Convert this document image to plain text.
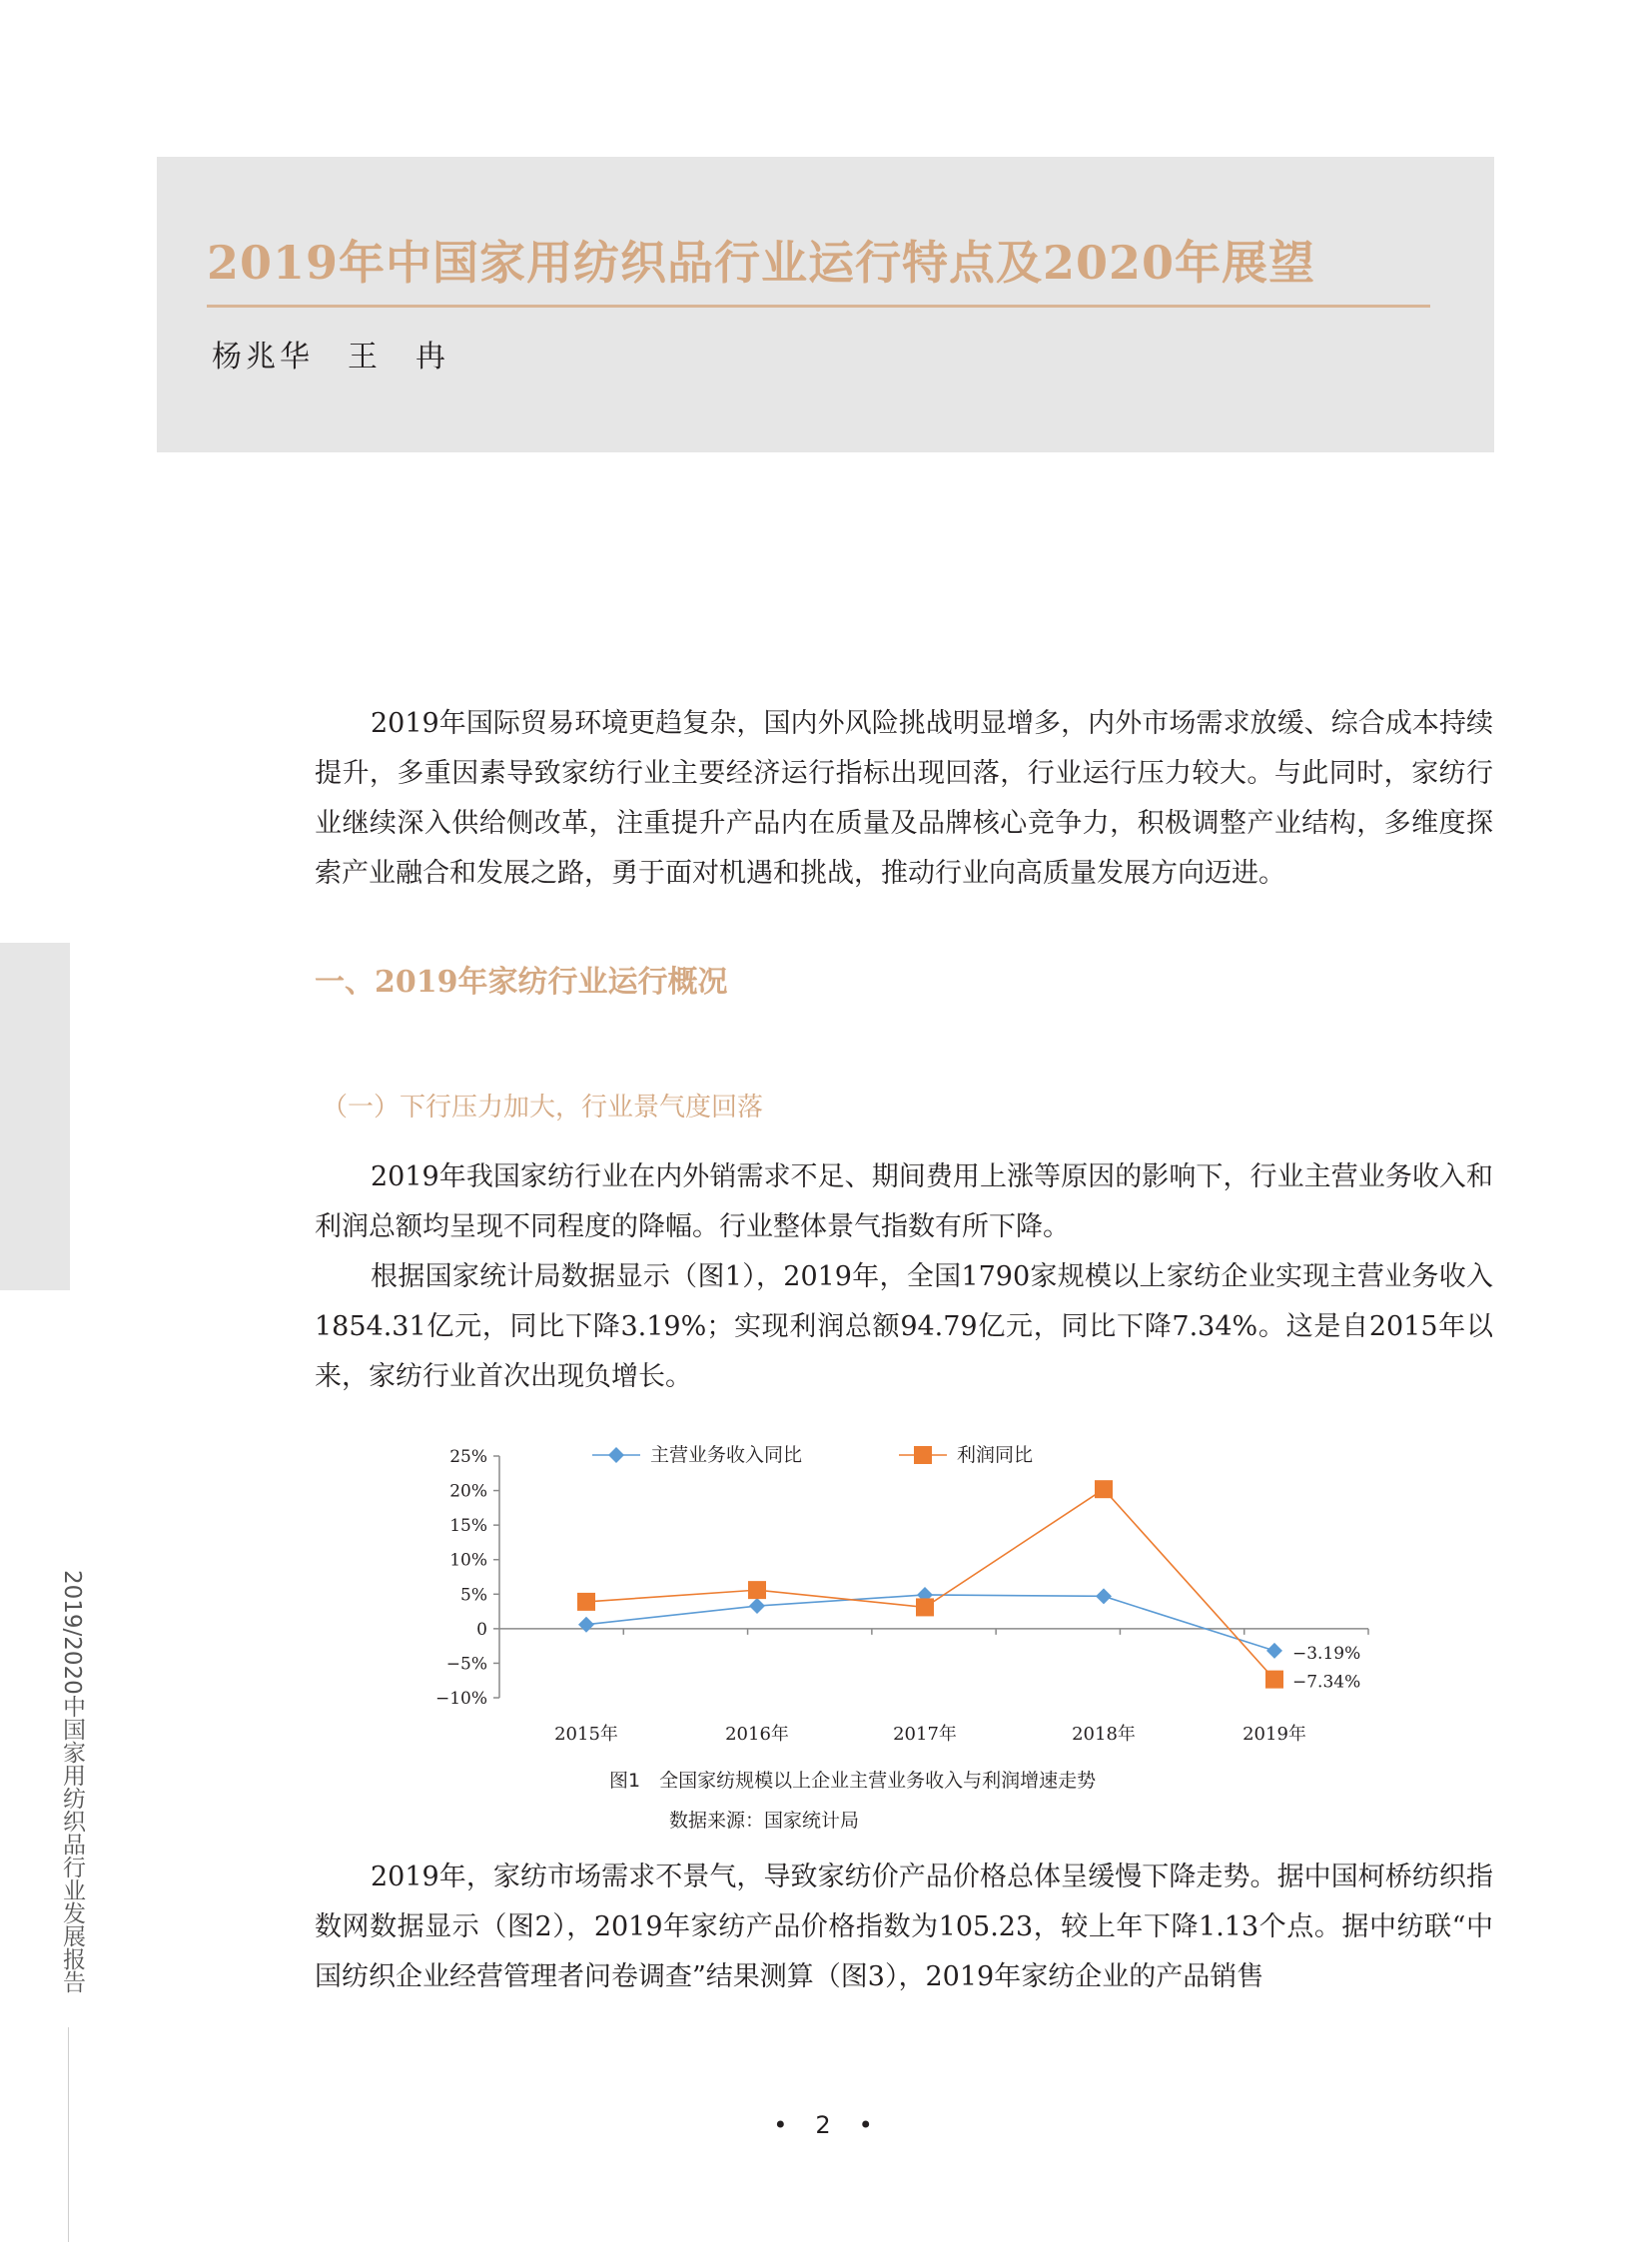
2019年中国家用纺织品行业运行特点及2020年展望
杨兆华　王　冉
2019/2020中国家用纺织品行业发展报告

2019年国际贸易环境更趋复杂，国内外风险挑战明显增多，内外市场需求放缓、综合成本持续提升，多重因素导致家纺行业主要经济运行指标出现回落，行业运行压力较大。与此同时，家纺行业继续深入供给侧改革，注重提升产品内在质量及品牌核心竞争力，积极调整产业结构，多维度探索产业融合和发展之路，勇于面对机遇和挑战，推动行业向高质量发展方向迈进。

一、2019年家纺行业运行概况
（一）下行压力加大，行业景气度回落

2019年我国家纺行业在内外销需求不足、期间费用上涨等原因的影响下，行业主营业务收入和利润总额均呈现不同程度的降幅。行业整体景气指数有所下降。

根据国家统计局数据显示（图1），2019年，全国1790家规模以上家纺企业实现主营业务收入1854.31亿元，同比下降3.19%；实现利润总额94.79亿元，同比下降7.34%。这是自2015年以来，家纺行业首次出现负增长。

25%
20%
15%
10%
5%
0
−5%
−10%
2015年	2016年	2017年	2018年	2019年
−3.19%
−7.34%
主营业务收入同比	利润同比

图1　全国家纺规模以上企业主营业务收入与利润增速走势

数据来源：国家统计局

2019年，家纺市场需求不景气，导致家纺价产品价格总体呈缓慢下降走势。据中国柯桥纺织指数网数据显示（图2），2019年家纺产品价格指数为105.23，较上年下降1.13个点。据中纺联“中国纺织企业经营管理者问卷调查”结果测算（图3），2019年家纺企业的产品销售

•　2　•
